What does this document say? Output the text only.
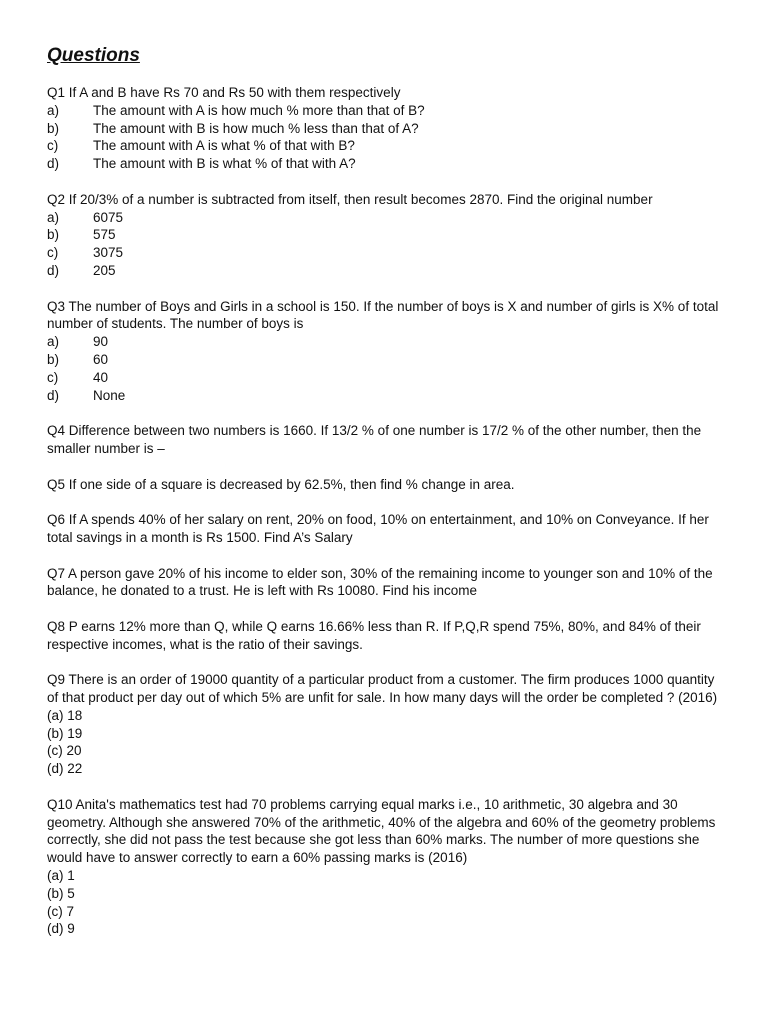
Questions

Q1 If A and B have Rs 70 and Rs 50 with them respectively

a)	The amount with A is how much % more than that of B?
b)	The amount with B is how much % less than that of A?
c)	The amount with A is what % of that with B?
d)	The amount with B is what % of that with A?

Q2 If 20/3% of a number is subtracted from itself, then result becomes 2870. Find the original number

a)	6075
b)	575
c)	3075
d)	205

Q3 The number of Boys and Girls in a school is 150. If the number of boys is X and number of girls is X% of total number of students. The number of boys is

a)	90
b)	60
c)	40
d)	None

Q4 Difference between two numbers is 1660. If 13/2 % of one number is 17/2 % of the other number, then the smaller number is –

Q5 If one side of a square is decreased by 62.5%, then find % change in area.

Q6 If A spends 40% of her salary on rent, 20% on food, 10% on entertainment, and 10% on Conveyance. If her total savings in a month is Rs 1500. Find A’s Salary

Q7 A person gave 20% of his income to elder son, 30% of the remaining income to younger son and 10% of the balance, he donated to a trust. He is left with Rs 10080. Find his income

Q8 P earns 12% more than Q, while Q earns 16.66% less than R. If P,Q,R spend 75%, 80%, and 84% of their respective incomes, what is the ratio of their savings.

Q9 There is an order of 19000 quantity of a particular product from a customer. The firm produces 1000 quantity of that product per day out of which 5% are unfit for sale. In how many days will the order be completed ? (2016)

(a) 18
(b) 19
(c) 20
(d) 22

Q10 Anita's mathematics test had 70 problems carrying equal marks i.e., 10 arithmetic, 30 algebra and 30 geometry. Although she answered 70% of the arithmetic, 40% of the algebra and 60% of the geometry problems correctly, she did not pass the test because she got less than 60% marks. The number of more questions she would have to answer correctly to earn a 60% passing marks is (2016)

(a) 1
(b) 5
(c) 7
(d) 9
